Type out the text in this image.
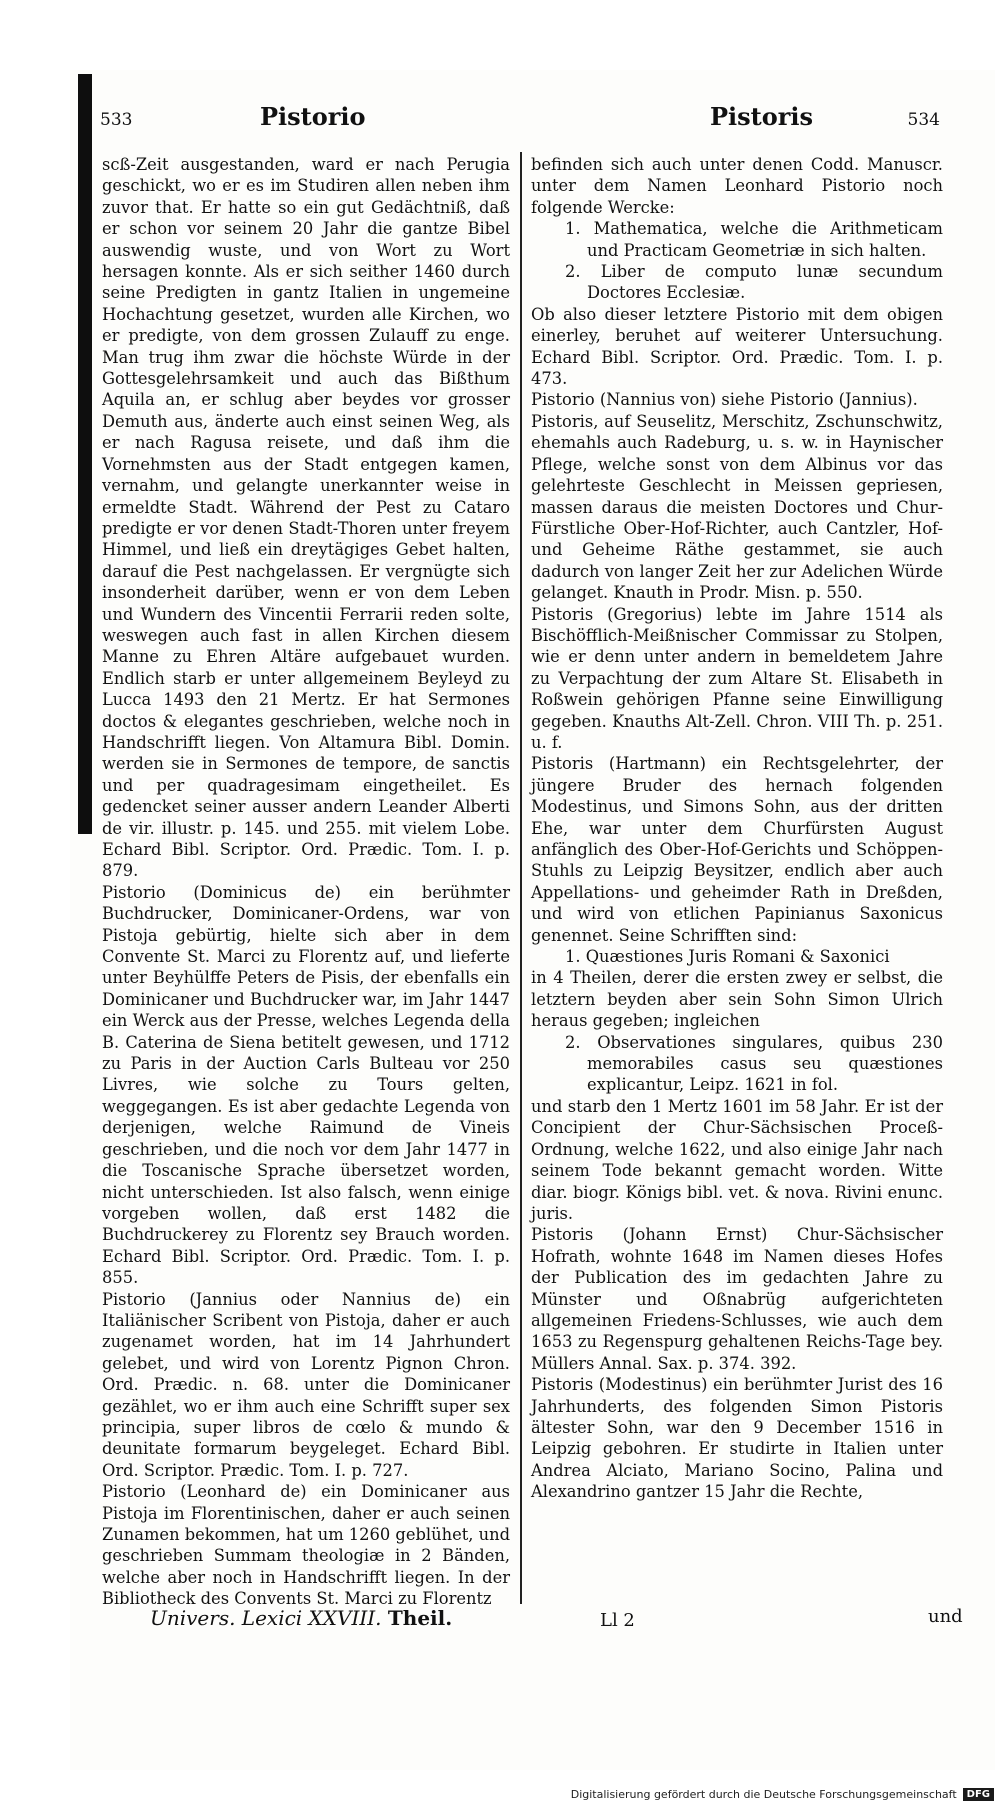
533	Pistorio	Pistoris	534

scß-Zeit ausgestanden, ward er nach Perugia geschickt, wo er es im Studiren allen neben ihm zuvor that. Er hatte so ein gut Gedächtniß, daß er schon vor seinem 20 Jahr die gantze Bibel auswendig wuste, und von Wort zu Wort hersagen konnte. Als er sich seither 1460 durch seine Predigten in gantz Italien in ungemeine Hochachtung gesetzet, wurden alle Kirchen, wo er predigte, von dem grossen Zulauff zu enge. Man trug ihm zwar die höchste Würde in der Gottesgelehrsamkeit und auch das Bißthum Aquila an, er schlug aber beydes vor grosser Demuth aus, änderte auch einst seinen Weg, als er nach Ragusa reisete, und daß ihm die Vornehmsten aus der Stadt entgegen kamen, vernahm, und gelangte unerkannter weise in ermeldte Stadt. Während der Pest zu Cataro predigte er vor denen Stadt-Thoren unter freyem Himmel, und ließ ein dreytägiges Gebet halten, darauf die Pest nachgelassen. Er vergnügte sich insonderheit darüber, wenn er von dem Leben und Wundern des Vincentii Ferrarii reden solte, weswegen auch fast in allen Kirchen diesem Manne zu Ehren Altäre aufgebauet wurden. Endlich starb er unter allgemeinem Beyleyd zu Lucca 1493 den 21 Mertz. Er hat Sermones doctos & elegantes geschrieben, welche noch in Handschrifft liegen. Von Altamura Bibl. Domin. werden sie in Sermones de tempore, de sanctis und per quadragesimam eingetheilet. Es gedencket seiner ausser andern Leander Alberti de vir. illustr. p. 145. und 255. mit vielem Lobe. Echard Bibl. Scriptor. Ord. Prædic. Tom. I. p. 879.

Pistorio (Dominicus de) ein berühmter Buchdrucker, Dominicaner-Ordens, war von Pistoja gebürtig, hielte sich aber in dem Convente St. Marci zu Florentz auf, und lieferte unter Beyhülffe Peters de Pisis, der ebenfalls ein Dominicaner und Buchdrucker war, im Jahr 1447 ein Werck aus der Presse, welches Legenda della B. Caterina de Siena betitelt gewesen, und 1712 zu Paris in der Auction Carls Bulteau vor 250 Livres, wie solche zu Tours gelten, weggegangen. Es ist aber gedachte Legenda von derjenigen, welche Raimund de Vineis geschrieben, und die noch vor dem Jahr 1477 in die Toscanische Sprache übersetzet worden, nicht unterschieden. Ist also falsch, wenn einige vorgeben wollen, daß erst 1482 die Buchdruckerey zu Florentz sey Brauch worden. Echard Bibl. Scriptor. Ord. Prædic. Tom. I. p. 855.

Pistorio (Jannius oder Nannius de) ein Italiänischer Scribent von Pistoja, daher er auch zugenamet worden, hat im 14 Jahrhundert gelebet, und wird von Lorentz Pignon Chron. Ord. Prædic. n. 68. unter die Dominicaner gezählet, wo er ihm auch eine Schrifft super sex principia, super libros de cœlo & mundo & deunitate formarum beygeleget. Echard Bibl. Ord. Scriptor. Prædic. Tom. I. p. 727.

Pistorio (Leonhard de) ein Dominicaner aus Pistoja im Florentinischen, daher er auch seinen Zunamen bekommen, hat um 1260 geblühet, und geschrieben Summam theologiæ in 2 Bänden, welche aber noch in Handschrifft liegen. In der Bibliotheck des Convents St. Marci zu Florentz

befinden sich auch unter denen Codd. Manuscr. unter dem Namen Leonhard Pistorio noch folgende Wercke:

1. Mathematica, welche die Arithmeticam und Practicam Geometriæ in sich halten.
2. Liber de computo lunæ secundum Doctores Ecclesiæ.

Ob also dieser letztere Pistorio mit dem obigen einerley, beruhet auf weiterer Untersuchung. Echard Bibl. Scriptor. Ord. Prædic. Tom. I. p. 473.

Pistorio (Nannius von) siehe Pistorio (Jannius).

Pistoris, auf Seuselitz, Merschitz, Zschunschwitz, ehemahls auch Radeburg, u. s. w. in Haynischer Pflege, welche sonst von dem Albinus vor das gelehrteste Geschlecht in Meissen gepriesen, massen daraus die meisten Doctores und Chur-Fürstliche Ober-Hof-Richter, auch Cantzler, Hof- und Geheime Räthe gestammet, sie auch dadurch von langer Zeit her zur Adelichen Würde gelanget. Knauth in Prodr. Misn. p. 550.

Pistoris (Gregorius) lebte im Jahre 1514 als Bischöfflich-Meißnischer Commissar zu Stolpen, wie er denn unter andern in bemeldetem Jahre zu Verpachtung der zum Altare St. Elisabeth in Roßwein gehörigen Pfanne seine Einwilligung gegeben. Knauths Alt-Zell. Chron. VIII Th. p. 251. u. f.

Pistoris (Hartmann) ein Rechtsgelehrter, der jüngere Bruder des hernach folgenden Modestinus, und Simons Sohn, aus der dritten Ehe, war unter dem Churfürsten August anfänglich des Ober-Hof-Gerichts und Schöppen-Stuhls zu Leipzig Beysitzer, endlich aber auch Appellations- und geheimder Rath in Dreßden, und wird von etlichen Papinianus Saxonicus genennet. Seine Schrifften sind:

1. Quæstiones Juris Romani & Saxonici

in 4 Theilen, derer die ersten zwey er selbst, die letztern beyden aber sein Sohn Simon Ulrich heraus gegeben; ingleichen

2. Observationes singulares, quibus 230 memorabiles casus seu quæstiones explicantur, Leipz. 1621 in fol.

und starb den 1 Mertz 1601 im 58 Jahr. Er ist der Concipient der Chur-Sächsischen Proceß-Ordnung, welche 1622, und also einige Jahr nach seinem Tode bekannt gemacht worden. Witte diar. biogr. Königs bibl. vet. & nova. Rivini enunc. juris.

Pistoris (Johann Ernst) Chur-Sächsischer Hofrath, wohnte 1648 im Namen dieses Hofes der Publication des im gedachten Jahre zu Münster und Oßnabrüg aufgerichteten allgemeinen Friedens-Schlusses, wie auch dem 1653 zu Regenspurg gehaltenen Reichs-Tage bey. Müllers Annal. Sax. p. 374. 392.

Pistoris (Modestinus) ein berühmter Jurist des 16 Jahrhunderts, des folgenden Simon Pistoris ältester Sohn, war den 9 December 1516 in Leipzig gebohren. Er studirte in Italien unter Andrea Alciato, Mariano Socino, Palina und Alexandrino gantzer 15 Jahr die Rechte,

Univers. Lexici XXVIII. Theil.	Ll 2	und
Digitalisierung gefördert durch die Deutsche Forschungsgemeinschaft	DFG
